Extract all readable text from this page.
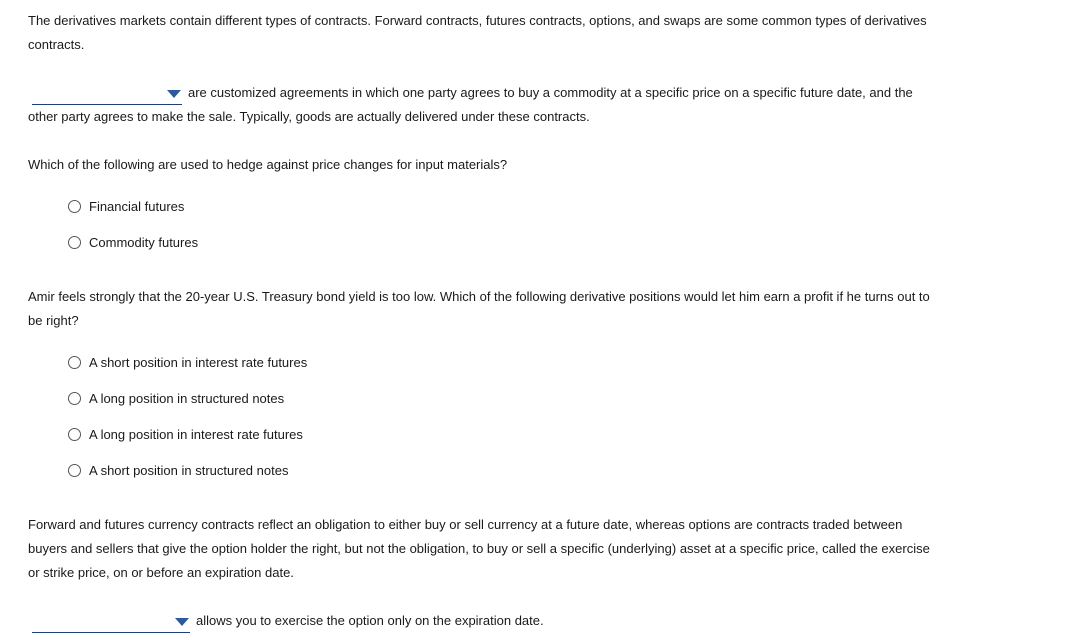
The derivatives markets contain different types of contracts. Forward contracts, futures contracts, options, and swaps are some common types of derivatives contracts.
are customized agreements in which one party agrees to buy a commodity at a specific price on a specific future date, and the other party agrees to make the sale. Typically, goods are actually delivered under these contracts.
Which of the following are used to hedge against price changes for input materials?
Financial futures
Commodity futures
Amir feels strongly that the 20-year U.S. Treasury bond yield is too low. Which of the following derivative positions would let him earn a profit if he turns out to be right?
A short position in interest rate futures
A long position in structured notes
A long position in interest rate futures
A short position in structured notes
Forward and futures currency contracts reflect an obligation to either buy or sell currency at a future date, whereas options are contracts traded between buyers and sellers that give the option holder the right, but not the obligation, to buy or sell a specific (underlying) asset at a specific price, called the exercise or strike price, on or before an expiration date.
allows you to exercise the option only on the expiration date.
